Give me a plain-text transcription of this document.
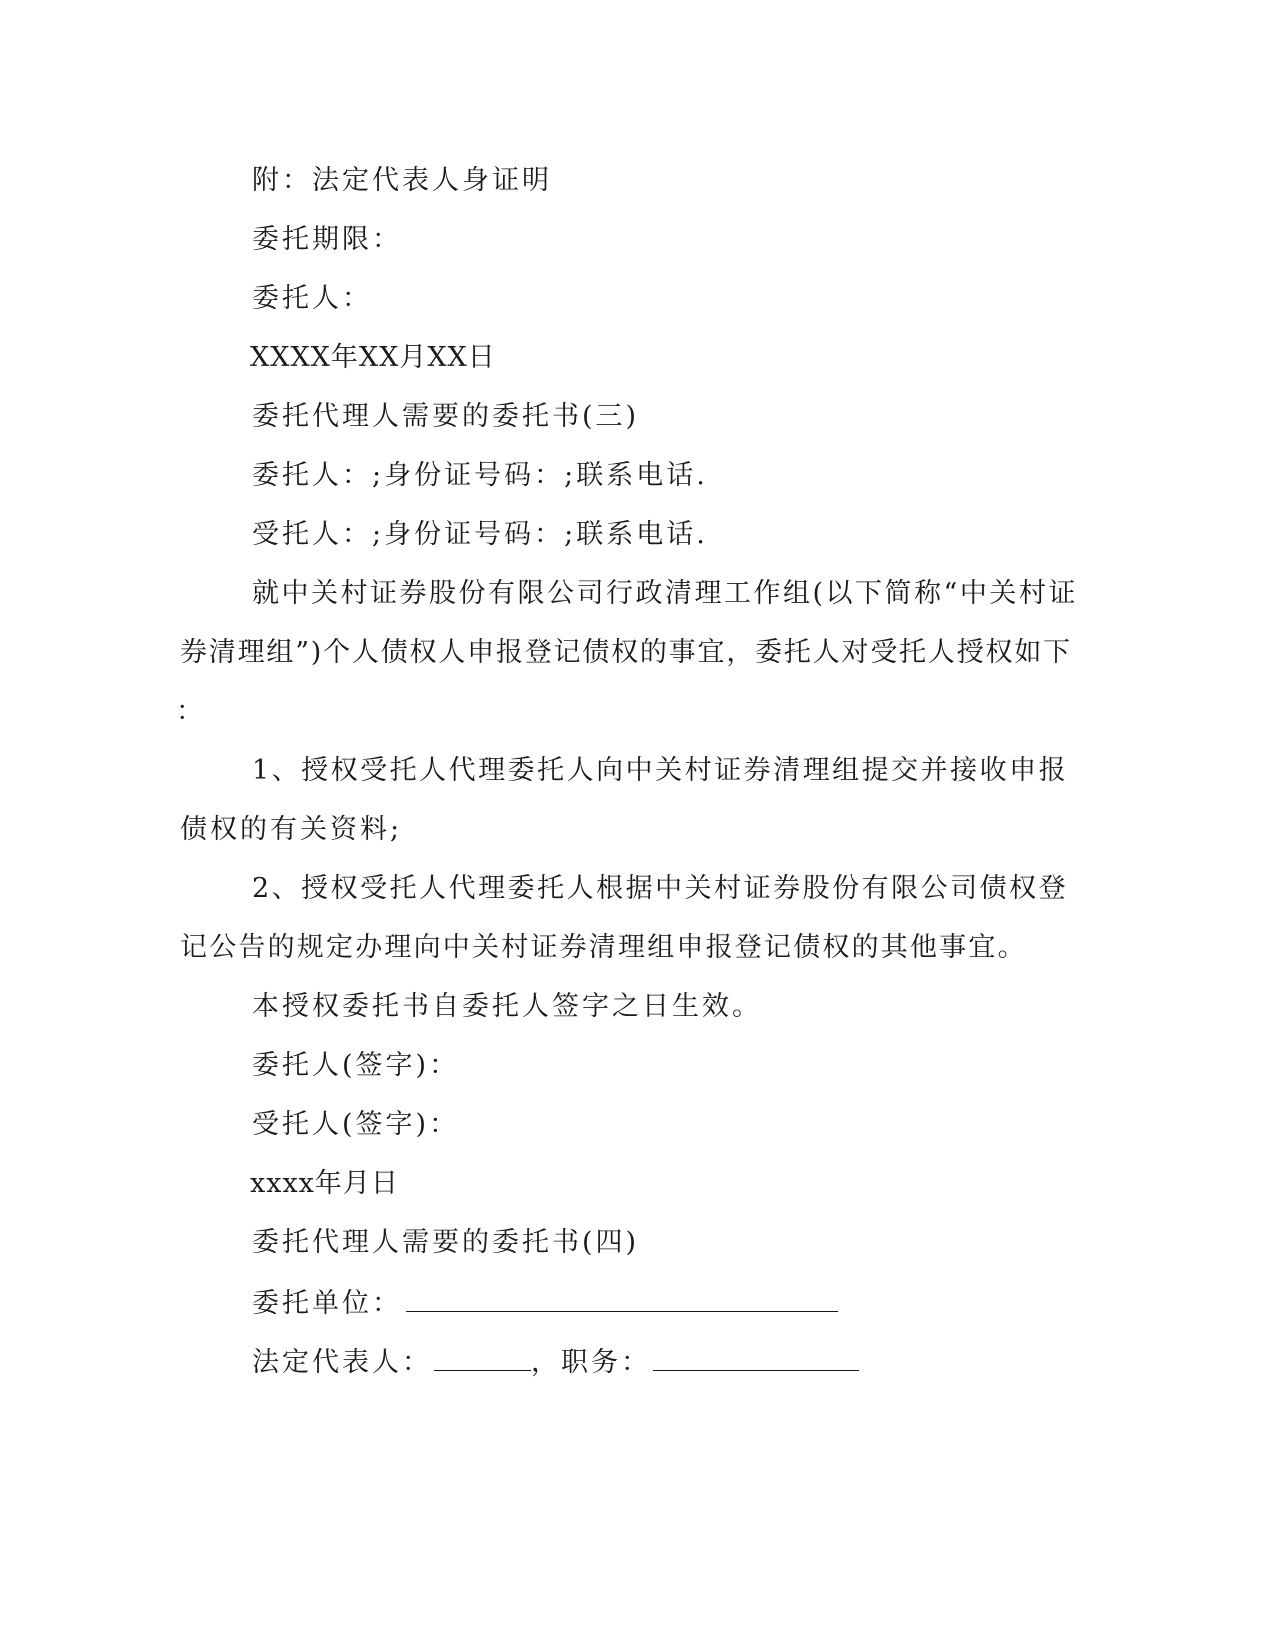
附：法定代表人身证明
委托期限：
委托人：
XXXX年XX月XX日
委托代理人需要的委托书(三)
委托人：;身份证号码：;联系电话.
受托人：;身份证号码：;联系电话.
就中关村证券股份有限公司行政清理工作组(以下简称“中关村证
券清理组”)个人债权人申报登记债权的事宜，委托人对受托人授权如下
：
1、授权受托人代理委托人向中关村证券清理组提交并接收申报
债权的有关资料;
2、授权受托人代理委托人根据中关村证券股份有限公司债权登
记公告的规定办理向中关村证券清理组申报登记债权的其他事宜。
本授权委托书自委托人签字之日生效。
委托人(签字)：
受托人(签字)：
xxxx年月日
委托代理人需要的委托书(四)
委托单位：
法定代表人：	，职务：
